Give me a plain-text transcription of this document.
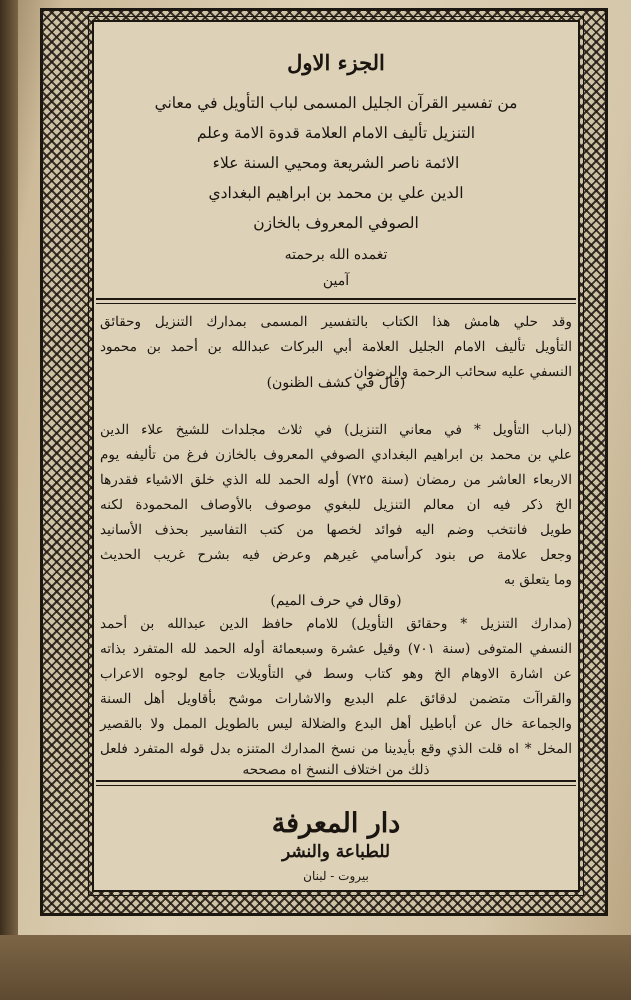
الجزء الاول
من تفسير القرآن الجليل المسمى لباب التأويل في معاني
التنزيل تأليف الامام العلامة قدوة الامة وعلم
الائمة ناصر الشريعة ومحيي السنة علاء
الدين علي بن محمد بن ابراهيم البغدادي
الصوفي المعروف بالخازن
تغمده الله برحمته
آمين
وقد حلي هامش هذا الكتاب بالتفسير المسمى بمدارك التنزيل وحقائق
التأويل تأليف الامام الجليل العلامة أبي البركات عبدالله بن أحمد بن محمود
النسفي عليه سحائب الرحمة والرضوان
(قال في كشف الظنون)
(لباب التأويل * في معاني التنزيل) في ثلاث مجلدات للشيخ علاء الدين
علي بن محمد بن ابراهيم البغدادي الصوفي المعروف بالخازن فرغ من تأليفه يوم
الاربعاء العاشر من رمضان (سنة ٧٢٥) أوله الحمد لله الذي خلق الاشياء فقدرها
الخ ذكر فيه ان معالم التنزيل للبغوي موصوف بالأوصاف المحمودة لكنه
طويل فانتخب وضم اليه فوائد لخصها من كتب التفاسير بحذف الأسانيد
وجعل علامة ص بنود كرأسامي غيرهم وعرض فيه بشرح غريب الحديث
وما يتعلق به
(وقال في حرف الميم)
(مدارك التنزيل * وحقائق التأويل) للامام حافظ الدين عبدالله بن أحمد
النسفي المتوفى (سنة ٧٠١) وقيل عشرة وسبعمائة أوله الحمد لله المتفرد بذاته
عن اشارة الاوهام الخ وهو كتاب وسط في التأويلات جامع لوجوه الاعراب
والقراآت متضمن لدقائق علم البديع والاشارات موشح بأقاويل أهل السنة
والجماعة خال عن أباطيل أهل البدع والضلالة ليس بالطويل الممل ولا بالقصير
المخل * اه قلت الذي وقع بأيدينا من نسخ المدارك المتنزه بدل قوله المتفرد فلعل
ذلك من اختلاف النسخ اه مصححه
دار المعرفة
للطباعة والنشر
بيروت - لبنان
